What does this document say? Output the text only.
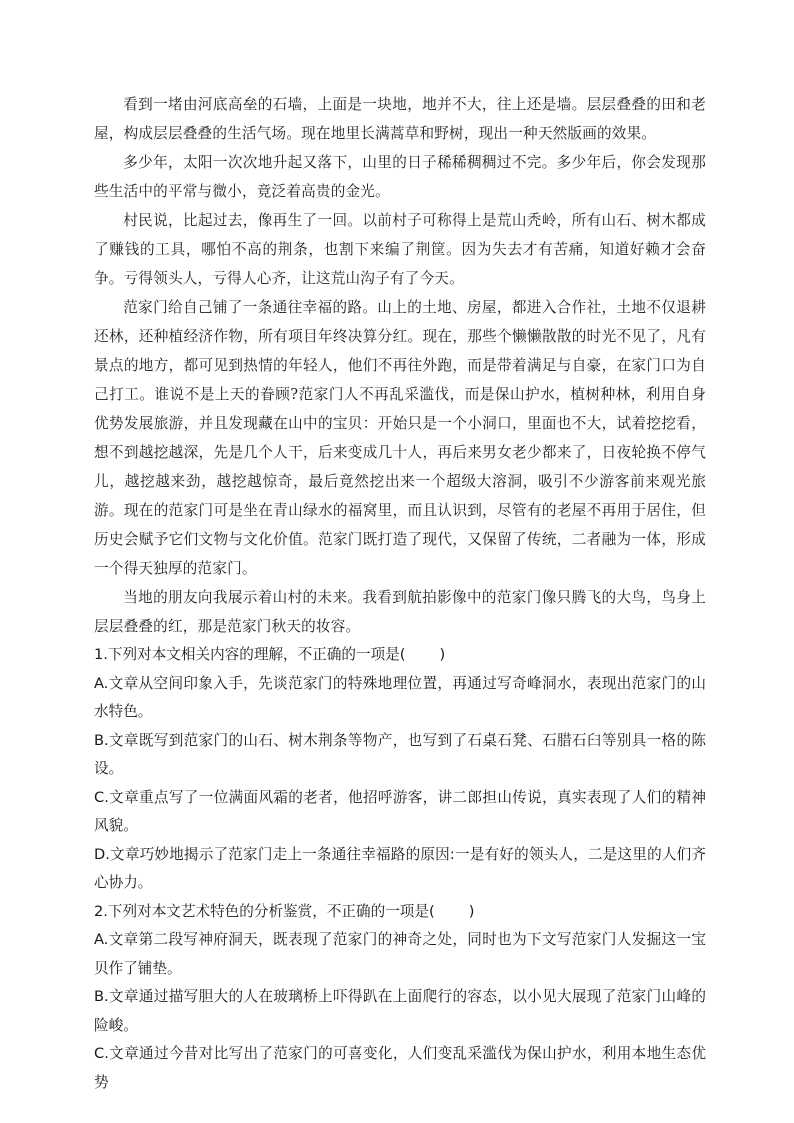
看到一堵由河底高垒的石墙，上面是一块地，地并不大，往上还是墙。层层叠叠的田和老屋，构成层层叠叠的生活气场。现在地里长满蒿草和野树，现出一种天然版画的效果。

多少年，太阳一次次地升起又落下，山里的日子稀稀稠稠过不完。多少年后，你会发现那些生活中的平常与微小，竟泛着高贵的金光。

村民说，比起过去，像再生了一回。以前村子可称得上是荒山秃岭，所有山石、树木都成了赚钱的工具，哪怕不高的荆条，也割下来编了荆筐。因为失去才有苦痛，知道好赖才会奋争。亏得领头人，亏得人心齐，让这荒山沟子有了今天。

范家门给自己铺了一条通往幸福的路。山上的土地、房屋，都进入合作社，土地不仅退耕还林，还种植经济作物，所有项目年终决算分红。现在，那些个懒懒散散的时光不见了，凡有景点的地方，都可见到热情的年轻人，他们不再往外跑，而是带着满足与自豪，在家门口为自己打工。谁说不是上天的眷顾?范家门人不再乱采滥伐，而是保山护水，植树种林，利用自身优势发展旅游，并且发现藏在山中的宝贝：开始只是一个小洞口，里面也不大，试着挖挖看，想不到越挖越深，先是几个人干，后来变成几十人，再后来男女老少都来了，日夜轮换不停气儿，越挖越来劲，越挖越惊奇，最后竟然挖出来一个超级大溶洞，吸引不少游客前来观光旅游。现在的范家门可是坐在青山绿水的福窝里，而且认识到，尽管有的老屋不再用于居住，但历史会赋予它们文物与文化价值。范家门既打造了现代，又保留了传统，二者融为一体，形成一个得天独厚的范家门。

当地的朋友向我展示着山村的未来。我看到航拍影像中的范家门像只腾飞的大鸟，鸟身上层层叠叠的红，那是范家门秋天的妆容。

1.下列对本文相关内容的理解，不正确的一项是( )

A.文章从空间印象入手，先谈范家门的特殊地理位置，再通过写奇峰洞水，表现出范家门的山水特色。

B.文章既写到范家门的山石、树木荆条等物产，也写到了石桌石凳、石腊石臼等别具一格的陈设。

C.文章重点写了一位满面风霜的老者，他招呼游客，讲二郎担山传说，真实表现了人们的精神风貌。

D.文章巧妙地揭示了范家门走上一条通往幸福路的原因:一是有好的领头人，二是这里的人们齐心协力。

2.下列对本文艺术特色的分析鉴赏，不正确的一项是( )

A.文章第二段写神府洞天，既表现了范家门的神奇之处，同时也为下文写范家门人发掘这一宝贝作了铺垫。

B.文章通过描写胆大的人在玻璃桥上吓得趴在上面爬行的容态，以小见大展现了范家门山峰的险峻。

C.文章通过今昔对比写出了范家门的可喜变化，人们变乱采滥伐为保山护水，利用本地生态优势
